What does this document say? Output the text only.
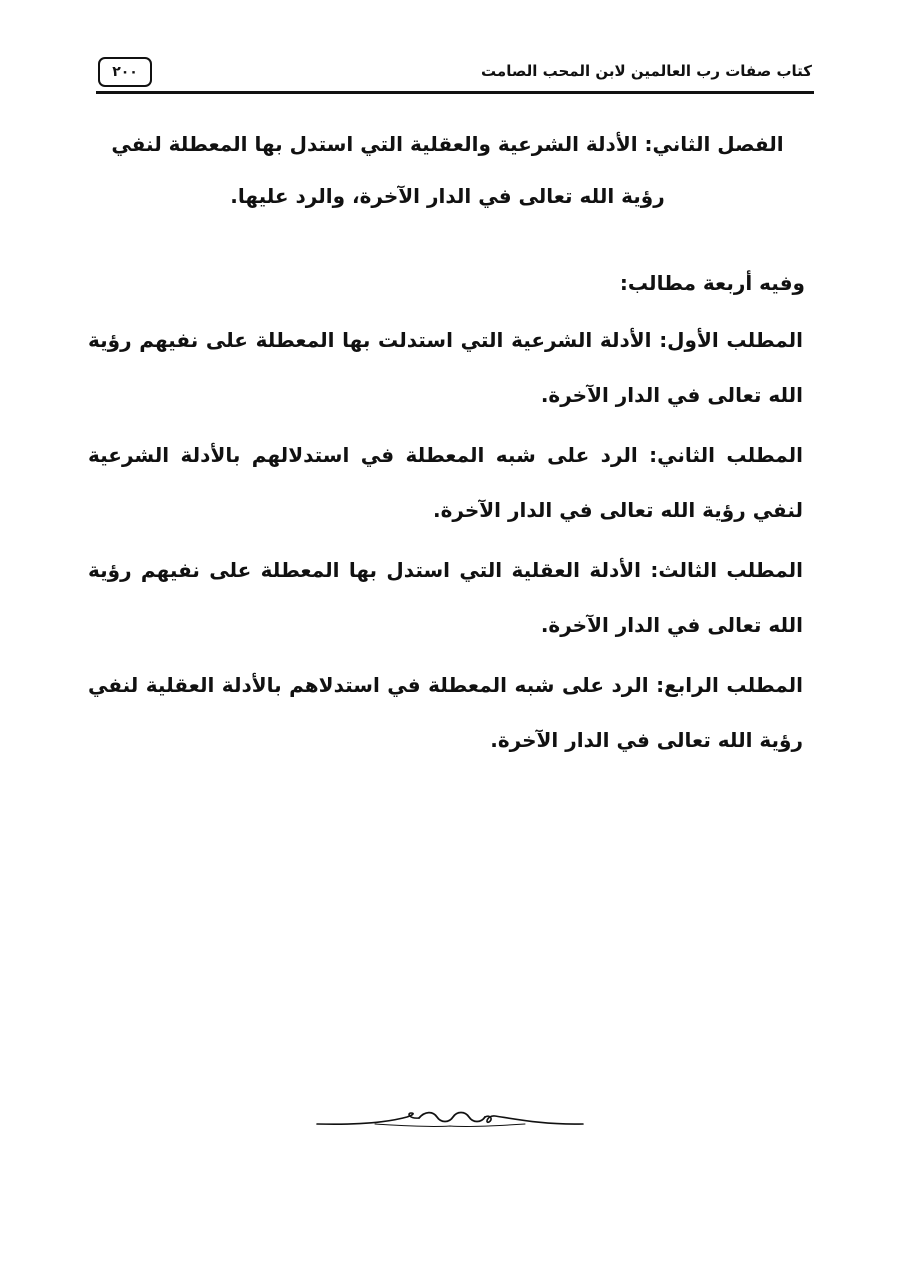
كتاب صفات رب العالمين لابن المحب الصامت
٢٠٠
الفصل الثاني: الأدلة الشرعية والعقلية التي استدل بها المعطلة لنفي رؤية الله تعالى في الدار الآخرة، والرد عليها.
وفيه أربعة مطالب:
المطلب الأول: الأدلة الشرعية التي استدلت بها المعطلة على نفيهم رؤية الله تعالى في الدار الآخرة.
المطلب الثاني: الرد على شبه المعطلة في استدلالهم بالأدلة الشرعية لنفي رؤية الله تعالى في الدار الآخرة.
المطلب الثالث: الأدلة العقلية التي استدل بها المعطلة على نفيهم رؤية الله تعالى في الدار الآخرة.
المطلب الرابع: الرد على شبه المعطلة في استدلاهم بالأدلة العقلية لنفي رؤية الله تعالى في الدار الآخرة.
